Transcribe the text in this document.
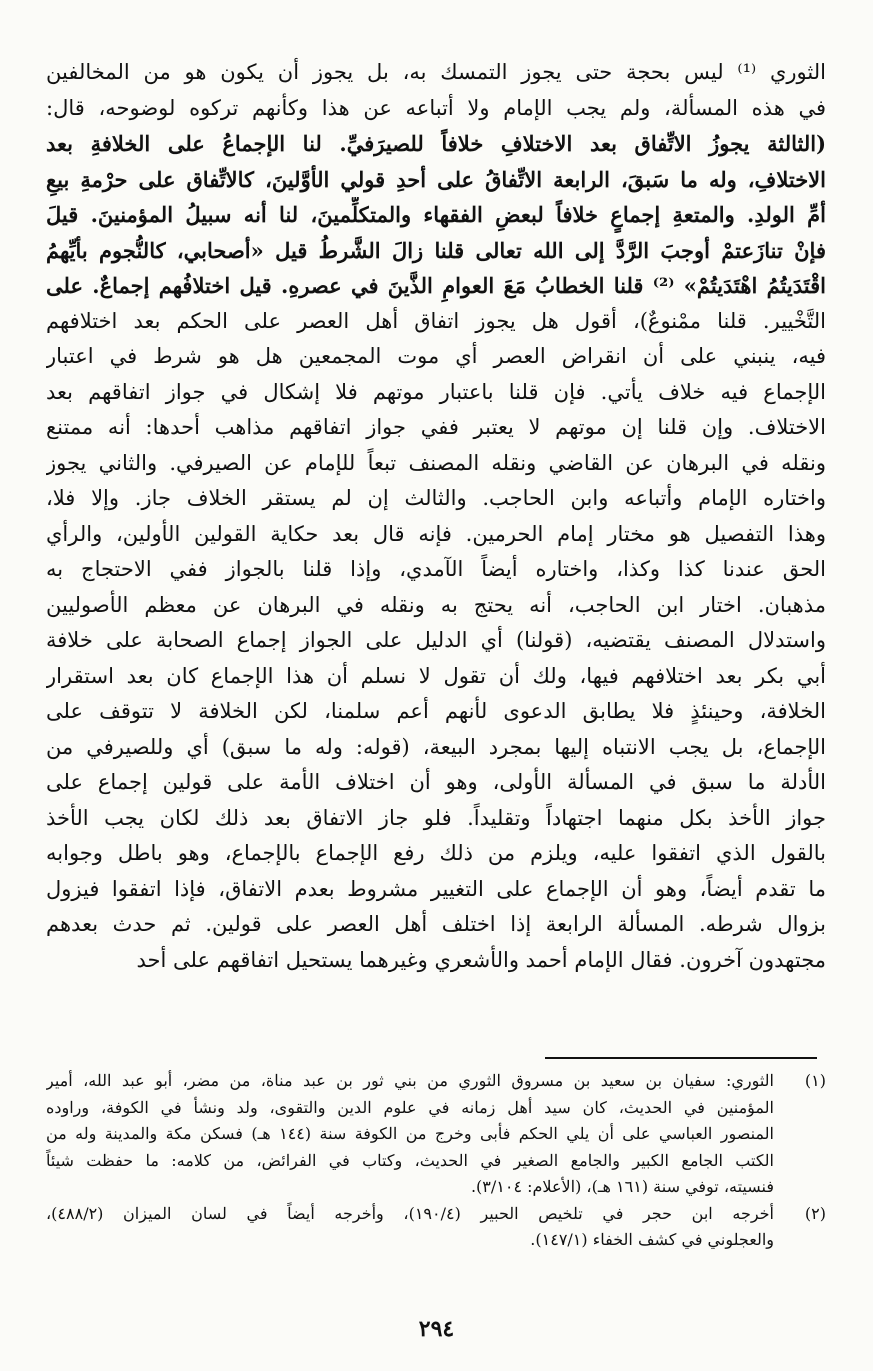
الثوري ⁽¹⁾ ليس بحجة حتى يجوز التمسك به، بل يجوز أن يكون هو من المخالفين
في هذه المسألة، ولم يجب الإمام ولا أتباعه عن هذا وكأنهم تركوه لوضوحه، قال:
(الثالثة يجوزُ الاتِّفاق بعد الاختلافِ خلافاً للصيرَفيِّ. لنا الإجماعُ على الخلافةِ بعد
الاختلافِ، وله ما سَبقَ، الرابعة الاتِّفاقُ على أحدِ قولي الأوَّلينَ، كالاتِّفاق على حرْمةِ بيعِ
أمِّ الولدِ. والمتعةِ إجماعٍ خلافاً لبعضِ الفقهاء والمتكلِّمينَ، لنا أنه سبيلُ المؤمنينَ. قيلَ
فإنْ تنازَعتمْ أوجبَ الرَّدَّ إلى الله تعالى قلنا زالَ الشَّرطُ قيل «أصحابي، كالنُّجوم بأيِّهمُ
اقْتَدَيتُمُ اهْتَدَيتُمْ» ⁽²⁾ قلنا الخطابُ مَعَ العوامِ الذَّينَ في عصرهِ. قيل اختلافُهم إجماعٌ. على
التَّخْيير. قلنا ممْنوعٌ)، أقول هل يجوز اتفاق أهل العصر على الحكم بعد اختلافهم
فيه، ينبني على أن انقراض العصر أي موت المجمعين هل هو شرط في اعتبار
الإجماع فيه خلاف يأتي. فإن قلنا باعتبار موتهم فلا إشكال في جواز اتفاقهم بعد
الاختلاف. وإن قلنا إن موتهم لا يعتبر ففي جواز اتفاقهم مذاهب أحدها: أنه ممتنع
ونقله في البرهان عن القاضي ونقله المصنف تبعاً للإمام عن الصيرفي. والثاني يجوز
واختاره الإمام وأتباعه وابن الحاجب. والثالث إن لم يستقر الخلاف جاز. وإلا فلا،
وهذا التفصيل هو مختار إمام الحرمين. فإنه قال بعد حكاية القولين الأولين، والرأي
الحق عندنا كذا وكذا، واختاره أيضاً الآمدي، وإذا قلنا بالجواز ففي الاحتجاج به
مذهبان. اختار ابن الحاجب، أنه يحتج به ونقله في البرهان عن معظم الأصوليين
واستدلال المصنف يقتضيه، (قولنا) أي الدليل على الجواز إجماع الصحابة على خلافة
أبي بكر بعد اختلافهم فيها، ولك أن تقول لا نسلم أن هذا الإجماع كان بعد استقرار
الخلافة، وحينئذٍ فلا يطابق الدعوى لأنهم أعم سلمنا، لكن الخلافة لا تتوقف على
الإجماع، بل يجب الانتباه إليها بمجرد البيعة، (قوله: وله ما سبق) أي وللصيرفي من
الأدلة ما سبق في المسألة الأولى، وهو أن اختلاف الأمة على قولين إجماع على
جواز الأخذ بكل منهما اجتهاداً وتقليداً. فلو جاز الاتفاق بعد ذلك لكان يجب الأخذ
بالقول الذي اتفقوا عليه، ويلزم من ذلك رفع الإجماع بالإجماع، وهو باطل وجوابه
ما تقدم أيضاً، وهو أن الإجماع على التغيير مشروط بعدم الاتفاق، فإذا اتفقوا فيزول
بزوال شرطه. المسألة الرابعة إذا اختلف أهل العصر على قولين. ثم حدث بعدهم
مجتهدون آخرون. فقال الإمام أحمد والأشعري وغيرهما يستحيل اتفاقهم على أحد
(١)
الثوري: سفيان بن سعيد بن مسروق الثوري من بني ثور بن عبد مناة، من مضر، أبو عبد الله، أمير
المؤمنين في الحديث، كان سيد أهل زمانه في علوم الدين والتقوى، ولد ونشأ في الكوفة، وراوده
المنصور العباسي على أن يلي الحكم فأبى وخرج من الكوفة سنة (١٤٤ هـ) فسكن مكة والمدينة وله من
الكتب الجامع الكبير والجامع الصغير في الحديث، وكتاب في الفرائض، من كلامه: ما حفظت شيئاً
فنسيته، توفي سنة (١٦١ هـ)، (الأعلام: ٣/١٠٤).
(٢)
أخرجه ابن حجر في تلخيص الحبير (١٩٠/٤)، وأخرجه أيضاً في لسان الميزان (٤٨٨/٢)،
والعجلوني في كشف الخفاء (١٤٧/١).
٢٩٤
